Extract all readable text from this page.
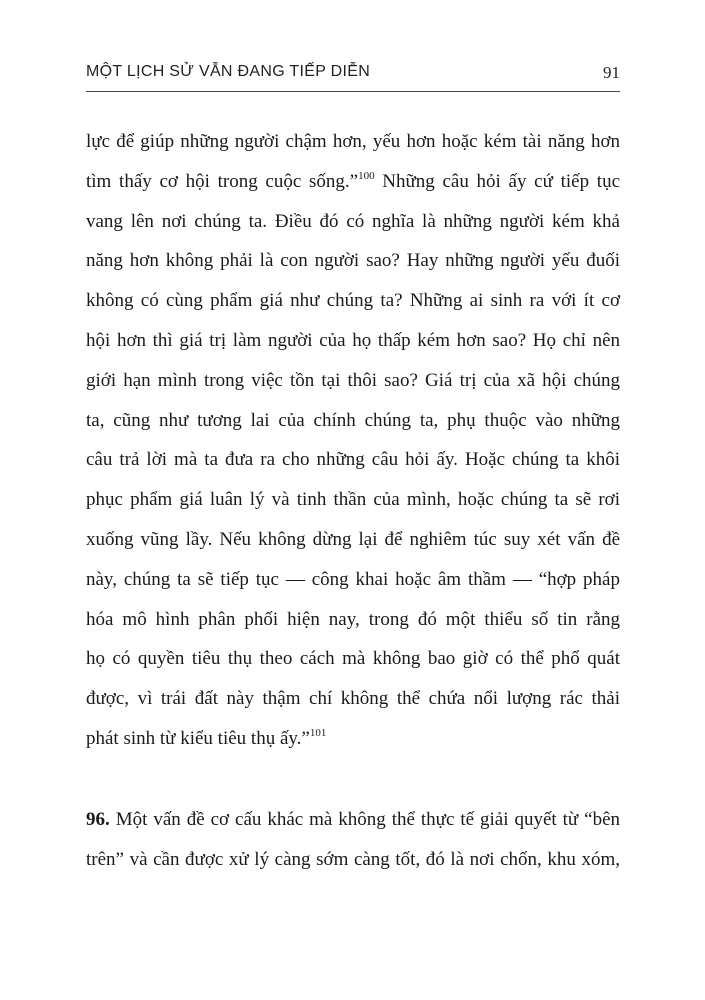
MỘT LỊCH SỬ VẪN ĐANG TIẾP DIỄN	91
lực để giúp những người chậm hơn, yếu hơn hoặc kém tài năng hơn
tìm thấy cơ hội trong cuộc sống.”$^{100}$ Những câu hỏi ấy cứ tiếp tục
vang lên nơi chúng ta. Điều đó có nghĩa là những người kém khả
năng hơn không phải là con người sao? Hay những người yếu đuối
không có cùng phẩm giá như chúng ta? Những ai sinh ra với ít cơ
hội hơn thì giá trị làm người của họ thấp kém hơn sao? Họ chỉ nên
giới hạn mình trong việc tồn tại thôi sao? Giá trị của xã hội chúng
ta, cũng như tương lai của chính chúng ta, phụ thuộc vào những
câu trả lời mà ta đưa ra cho những câu hỏi ấy. Hoặc chúng ta khôi
phục phẩm giá luân lý và tinh thần của mình, hoặc chúng ta sẽ rơi
xuống vũng lầy. Nếu không dừng lại để nghiêm túc suy xét vấn đề
này, chúng ta sẽ tiếp tục — công khai hoặc âm thầm — “hợp pháp
hóa mô hình phân phối hiện nay, trong đó một thiểu số tin rằng
họ có quyền tiêu thụ theo cách mà không bao giờ có thể phổ quát
được, vì trái đất này thậm chí không thể chứa nổi lượng rác thải
phát sinh từ kiểu tiêu thụ ấy.”$^{101}$
96. Một vấn đề cơ cấu khác mà không thể thực tế giải quyết từ “bên
trên” và cần được xử lý càng sớm càng tốt, đó là nơi chốn, khu xóm,
